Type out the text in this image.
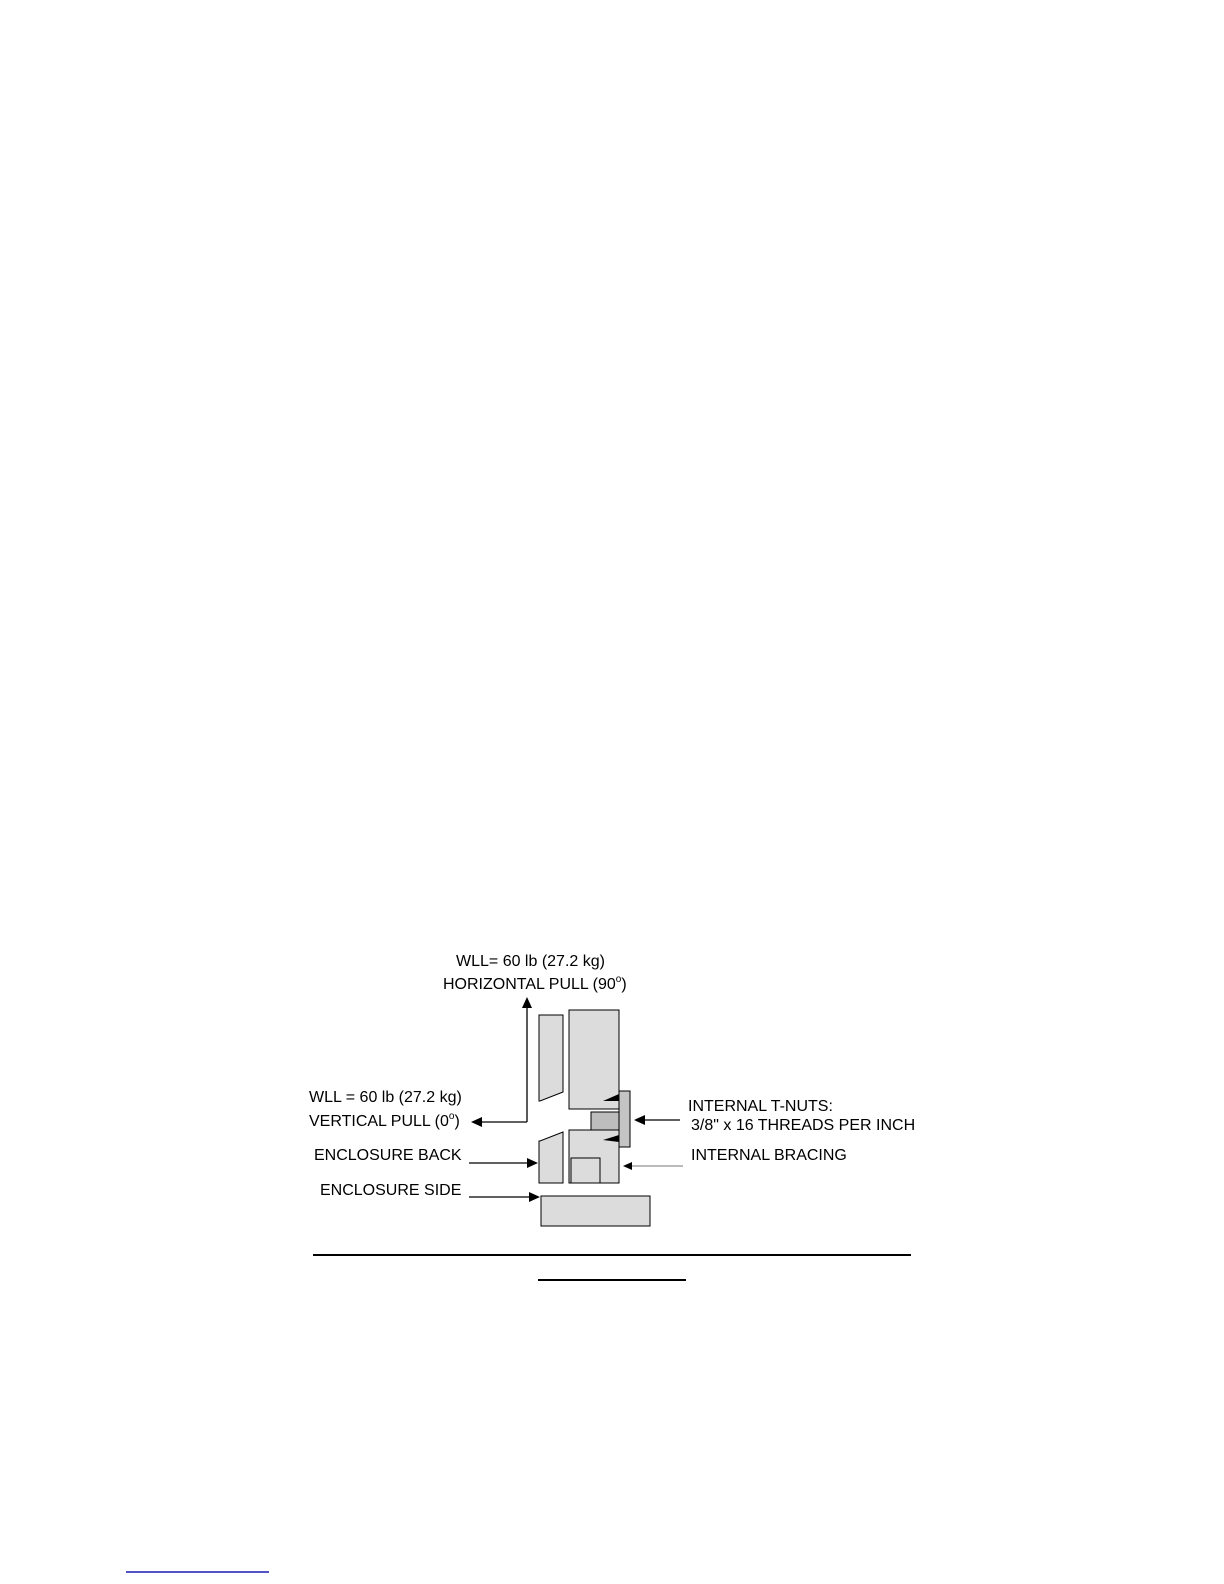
WLL= 60 lb (27.2 kg)
HORIZONTAL PULL (90$^o$)
WLL = 60 lb (27.2 kg)
VERTICAL PULL (0$^o$)
ENCLOSURE BACK
ENCLOSURE SIDE
INTERNAL T-NUTS:
3/8" x 16 THREADS PER INCH
INTERNAL BRACING
